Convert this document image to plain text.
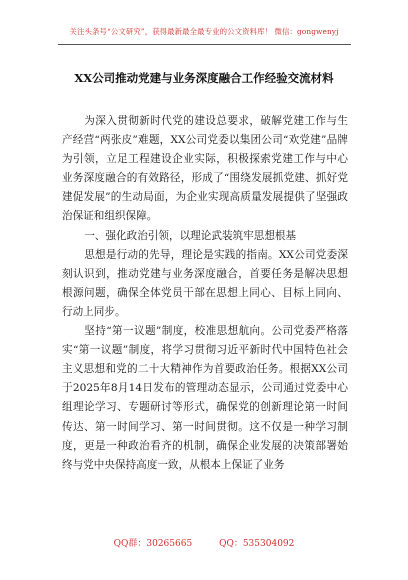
关注头条号“公文研究”，获得最新最全最专业的公文资料库！ 微信：gongwenyj
XX公司推动党建与业务深度融合工作经验交流材料

为深入贯彻新时代党的建设总要求，破解党建工作与生产经营“两张皮”难题，XX公司党委以集团公司“欢党建”品牌为引领，立足工程建设企业实际，积极探索党建工作与中心业务深度融合的有效路径，形成了“围绕发展抓党建、抓好党建促发展”的生动局面，为企业实现高质量发展提供了坚强政治保证和组织保障。

一、强化政治引领，以理论武装筑牢思想根基

思想是行动的先导，理论是实践的指南。XX公司党委深刻认识到，推动党建与业务深度融合，首要任务是解决思想根源问题，确保全体党员干部在思想上同心、目标上同向、行动上同步。

坚持“第一议题”制度，校准思想航向。公司党委严格落实“第一议题”制度，将学习贯彻习近平新时代中国特色社会主义思想和党的二十大精神作为首要政治任务。根据XX公司于2025年8月14日发布的管理动态显示，公司通过党委中心组理论学习、专题研讨等形式，确保党的创新理论第一时间传达、第一时间学习、第一时间贯彻。这不仅是一种学习制度，更是一种政治看齐的机制，确保企业发展的决策部署始终与党中央保持高度一致，从根本上保证了业务

QQ群：30265665	QQ：535304092
